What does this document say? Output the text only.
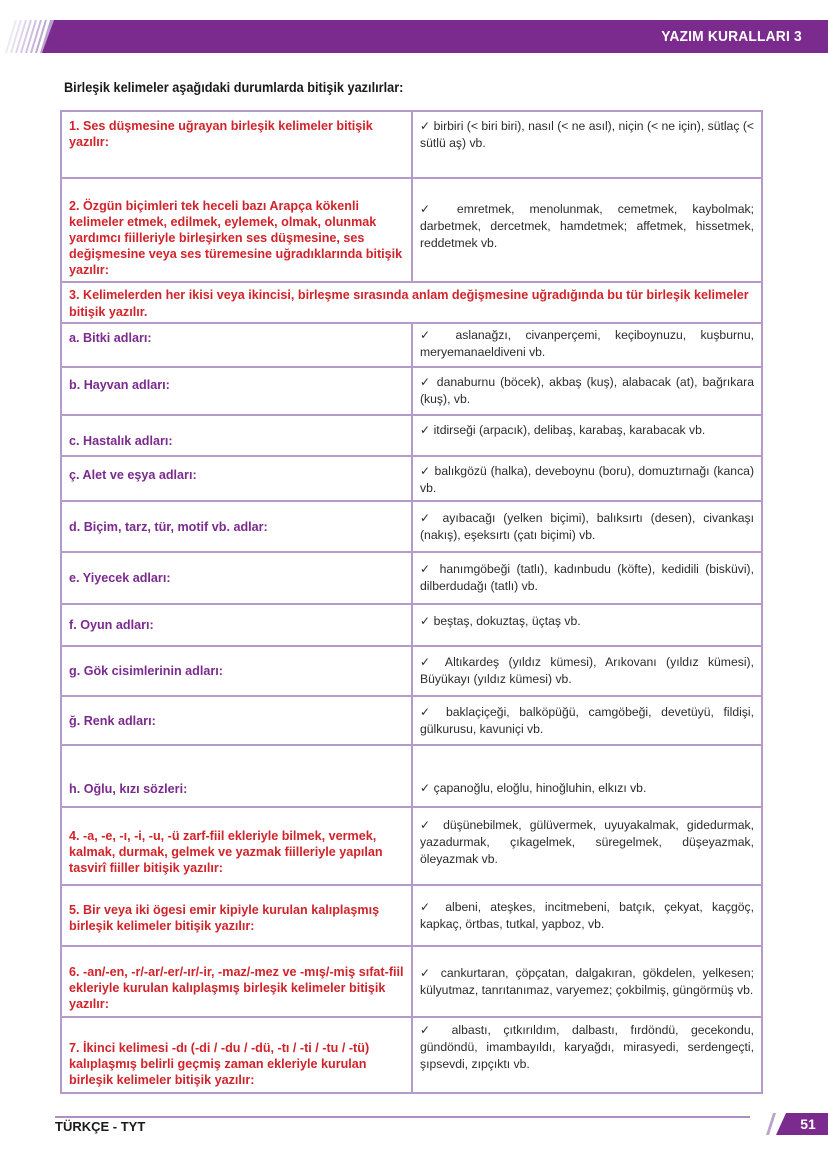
YAZIM KURALLARI 3
Birleşik kelimeler aşağıdaki durumlarda bitişik yazılırlar:
1. Ses düşmesine uğrayan birleşik kelimeler bitişik yazılır:
✓ birbiri (< biri biri), nasıl (< ne asıl), niçin (< ne için), sütlaç (< sütlü aş) vb.
2. Özgün biçimleri tek heceli bazı Arapça kökenli kelimeler etmek, edilmek, eylemek, olmak, olunmak yardımcı fiilleriyle birleşirken ses düşmesine, ses değişmesine veya ses türemesine uğradıklarında bitişik yazılır:
✓ emretmek, menolunmak, cemetmek, kaybolmak; darbetmek, dercetmek, hamdetmek; affetmek, hissetmek, reddetmek vb.
3. Kelimelerden her ikisi veya ikincisi, birleşme sırasında anlam değişmesine uğradığında bu tür birleşik kelimeler bitişik yazılır.
a. Bitki adları:	✓ aslanağzı, civanperçemi, keçiboynuzu, kuşburnu, meryemanaeldiveni vb.
b. Hayvan adları:	✓ danaburnu (böcek), akbaş (kuş), alabacak (at), bağrıkara (kuş), vb.
c. Hastalık adları:
✓ itdirseği (arpacık), delibaş, karabaş, karabacak vb.
ç. Alet ve eşya adları:	✓ balıkgözü (halka), deveboynu (boru), domuztırnağı (kanca) vb.
d. Biçim, tarz, tür, motif vb. adlar:
✓ ayıbacağı (yelken biçimi), balıksırtı (desen), civankaşı (nakış), eşeksırtı (çatı biçimi) vb.
e. Yiyecek adları:
✓ hanımgöbeği (tatlı), kadınbudu (köfte), kedidili (bisküvi), dilberdudağı (tatlı) vb.
f. Oyun adları:	✓ beştaş, dokuztaş, üçtaş vb.
g. Gök cisimlerinin adları:
✓ Altıkardeş (yıldız kümesi), Arıkovanı (yıldız kümesi), Büyükayı (yıldız kümesi) vb.
ğ. Renk adları:
✓ baklaçiçeği, balköpüğü, camgöbeği, devetüyü, fildişi, gülkurusu, kavuniçi vb.
h. Oğlu, kızı sözleri:	✓ çapanoğlu, eloğlu, hinoğluhin, elkızı vb.
4. -a, -e, -ı, -i, -u, -ü zarf-fiil ekleriyle bilmek, vermek, kalmak, durmak, gelmek ve yazmak fiilleriyle yapılan tasvirî fiiller bitişik yazılır:
✓ düşünebilmek, gülüvermek, uyuyakalmak, gidedurmak, yazadurmak, çıkagelmek, süregelmek, düşeyazmak, öleyazmak vb.
5. Bir veya iki ögesi emir kipiyle kurulan kalıplaşmış birleşik kelimeler bitişik yazılır:
✓ albeni, ateşkes, incitmebeni, batçık, çekyat, kaçgöç, kapkaç, örtbas, tutkal, yapboz, vb.
6. -an/-en, -r/-ar/-er/-ır/-ir, -maz/-mez ve -mış/-miş sıfat-fiil ekleriyle kurulan kalıplaşmış birleşik kelimeler bitişik yazılır:
✓ cankurtaran, çöpçatan, dalgakıran, gökdelen, yelkesen; külyutmaz, tanrıtanımaz, varyemez; çokbilmiş, güngörmüş vb.
7. İkinci kelimesi -dı (-di / -du / -dü, -tı / -ti / -tu / -tü) kalıplaşmış belirli geçmiş zaman ekleriyle kurulan birleşik kelimeler bitişik yazılır:
✓ albastı, çıtkırıldım, dalbastı, fırdöndü, gecekondu, gündöndü, imambayıldı, karyağdı, mirasyedi, serdengeçti, şıpsevdi, zıpçıktı vb.
TÜRKÇE - TYT	51
